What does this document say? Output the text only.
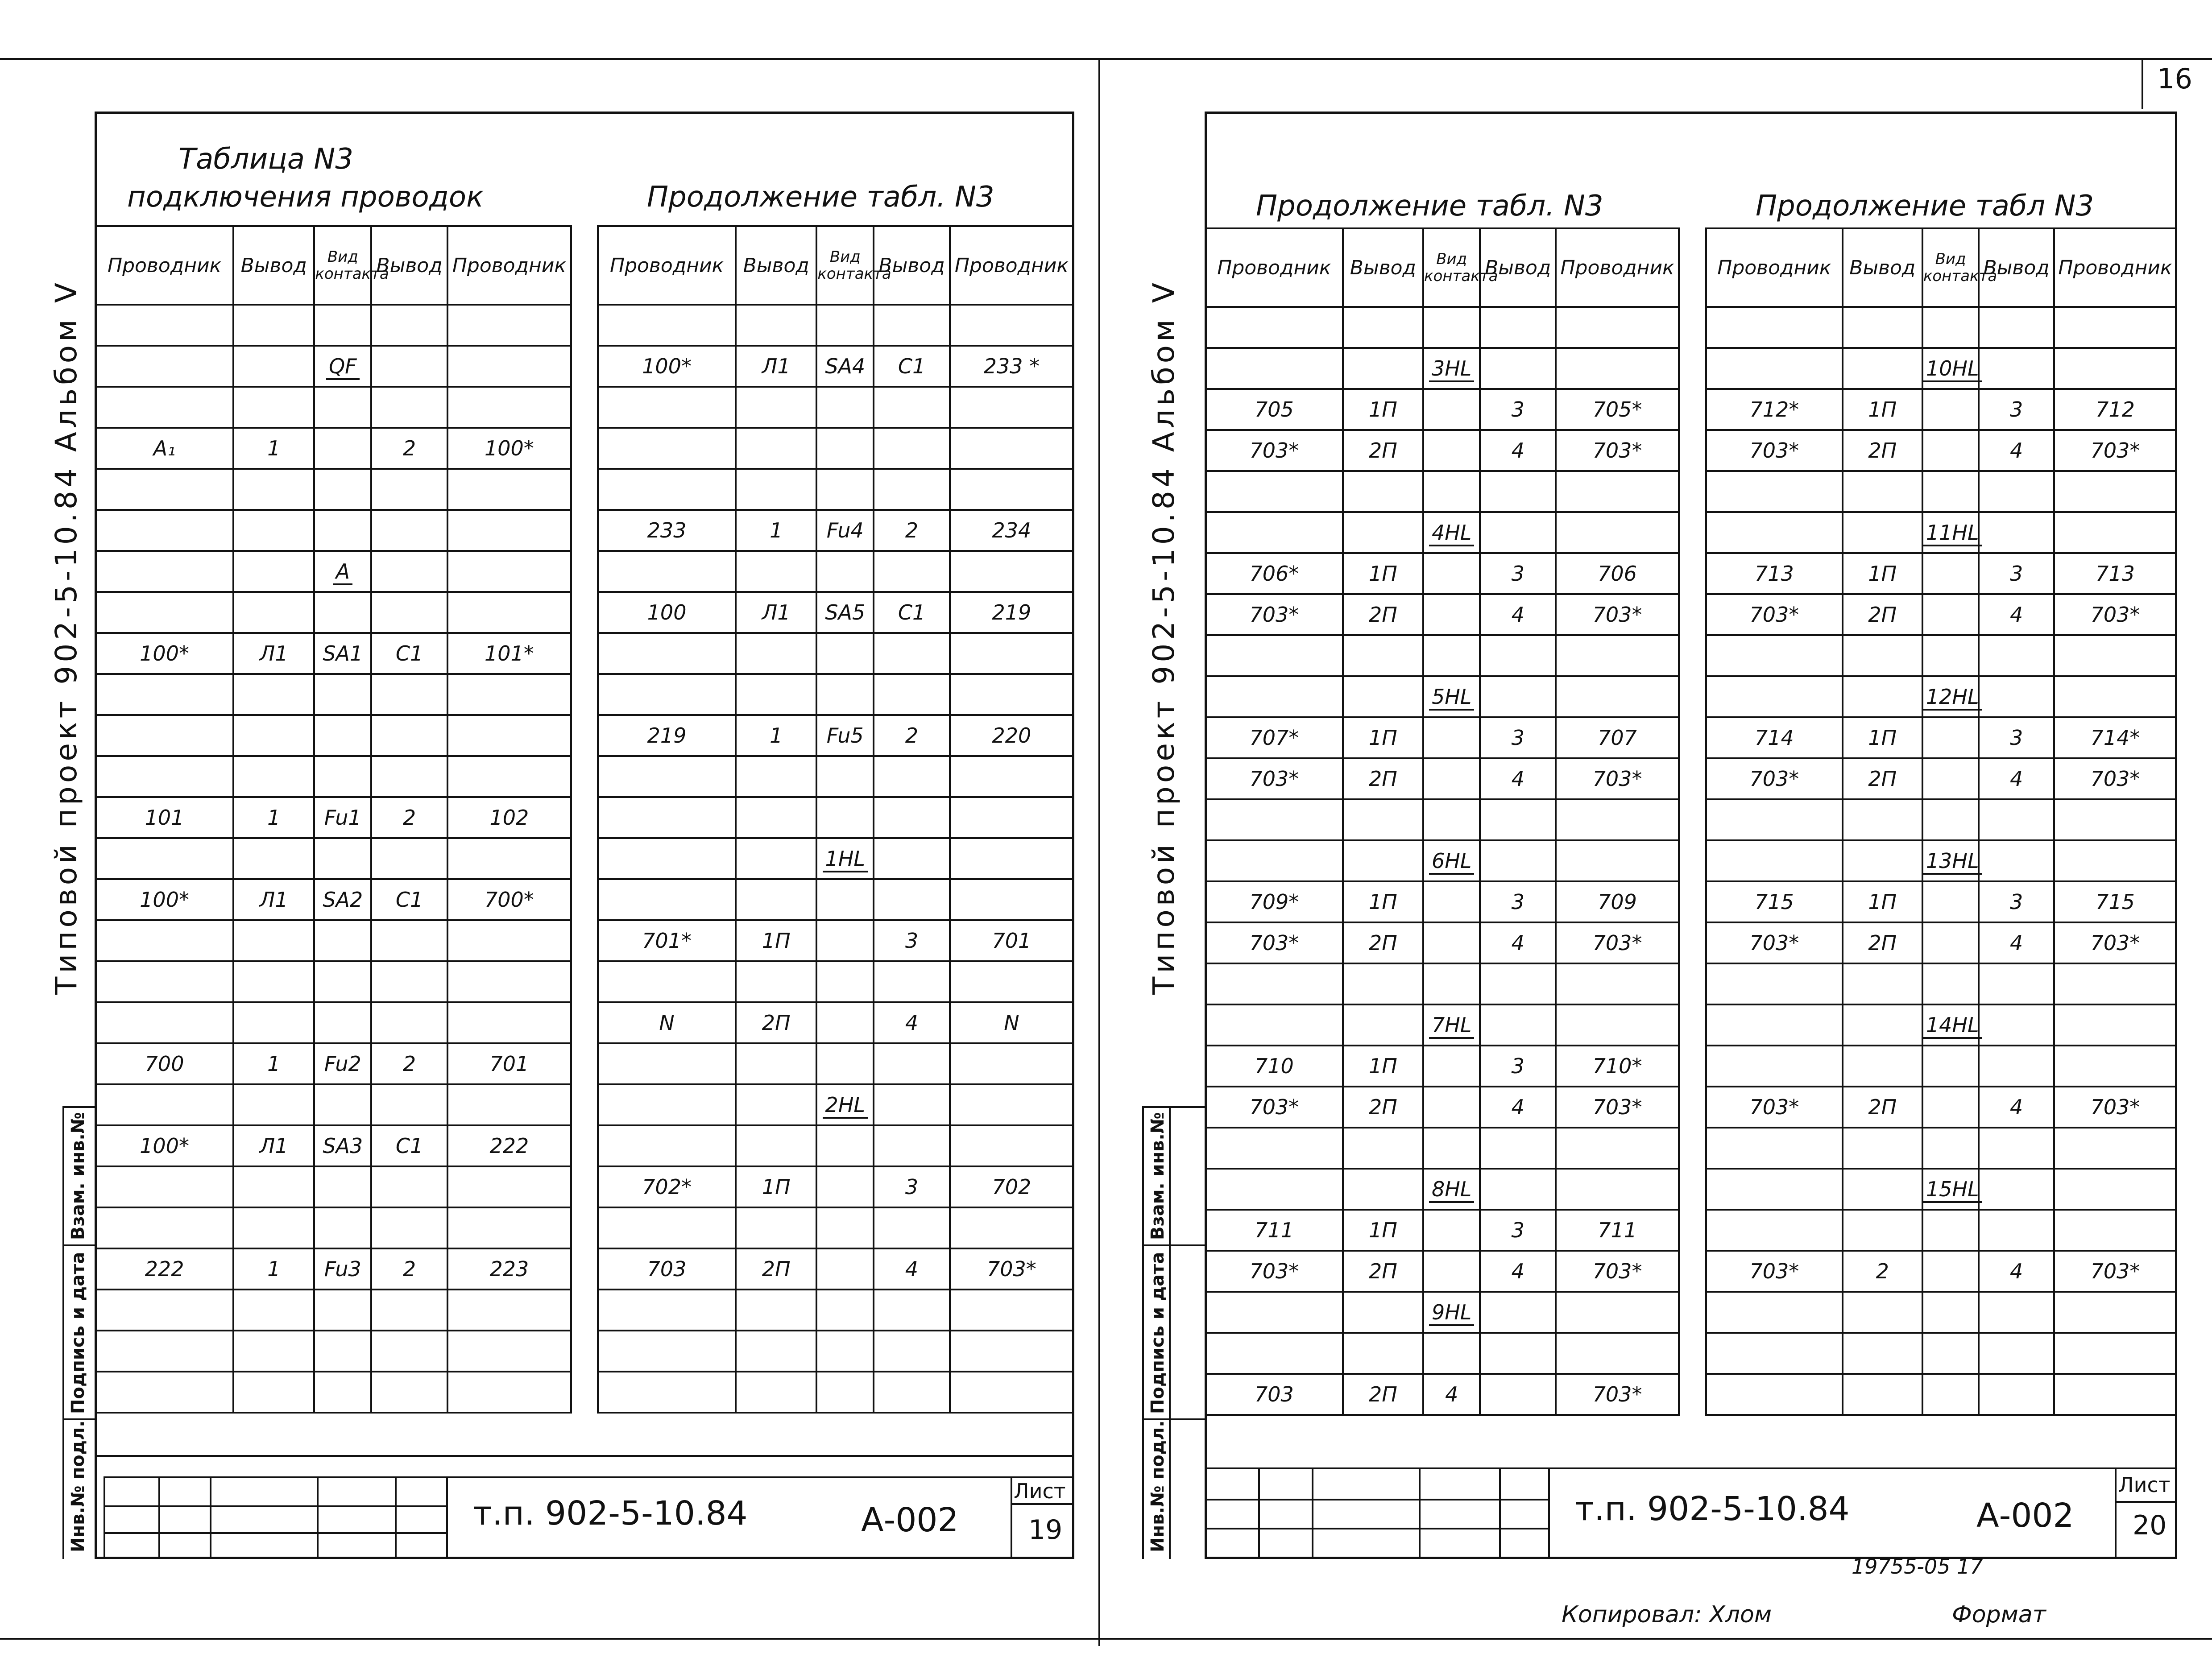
16
Типовой проект 902-5-10.84 Альбом V
Инв.№ подл.
Подпись и дата
Взам. инв.№
Таблица N3
подключения проводок	Продолжение табл. N3
Проводник	Вывод	Вид контакта	Вывод	Проводник

		QF		

A₁	1		2	100*

		A		

100*	Л1	SA1	С1	101*

101	1	Fu1	2	102

100*	Л1	SA2	С1	700*

700	1	Fu2	2	701

100*	Л1	SA3	С1	222

222	1	Fu3	2	223

Проводник	Вывод	Вид контакта	Вывод	Проводник

100*	Л1	SA4	С1	233 *

233	1	Fu4	2	234

100	Л1	SA5	С1	219

219	1	Fu5	2	220

		1HL		

701*	1П		3	701

N	2П		4	N

		2HL		

702*	1П		3	702

703	2П		4	703*

т.п. 902-5-10.84	А-002
Лист
19
Типовой проект 902-5-10.84 Альбом V
Инв.№ подл.
Подпись и дата
Взам. инв.№
Продолжение табл. N3	Продолжение табл N3
Проводник	Вывод	Вид контакта	Вывод	Проводник

		3HL		
705	1П		3	705*
703*	2П		4	703*

		4HL		
706*	1П		3	706
703*	2П		4	703*

		5HL		
707*	1П		3	707
703*	2П		4	703*

		6HL		
709*	1П		3	709
703*	2П		4	703*

		7HL		
710	1П		3	710*
703*	2П		4	703*

		8HL		
711	1П		3	711
703*	2П		4	703*
		9HL		

703	2П	4		703*
Проводник	Вывод	Вид контакта	Вывод	Проводник

		10HL		
712*	1П		3	712
703*	2П		4	703*

		11HL		
713	1П		3	713
703*	2П		4	703*

		12HL		
714	1П		3	714*
703*	2П		4	703*

		13HL		
715	1П		3	715
703*	2П		4	703*

		14HL		

703*	2П		4	703*

		15HL		

703*	2		4	703*

т.п. 902-5-10.84	А-002
Лист
20
19755-05 17
Копировал: Хлом	Формат
